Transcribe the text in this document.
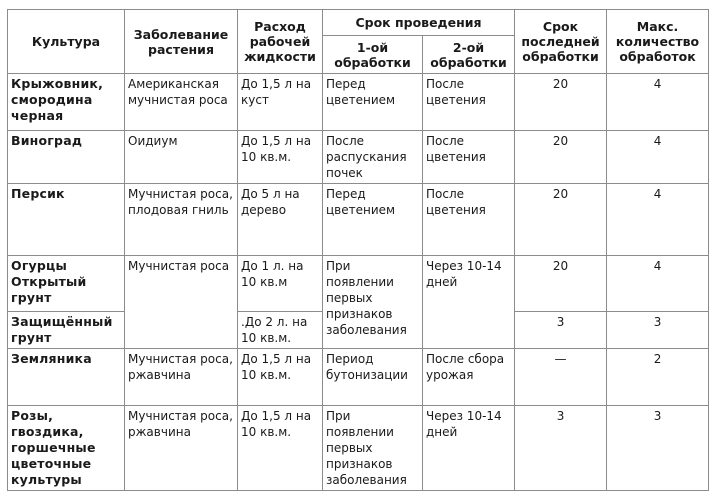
Культура	Заболевание растения	Расход рабочей жидкости	Срок проведения		Срок последней обработки	Макс. количество обработок
			1-ой обработки	2-ой обработки		
Крыжовник, смородина черная	Американская мучнистая роса	До 1,5 л на куст	Перед цветением	После цветения	20	4
Виноград	Оидиум	До 1,5 л на 10 кв.м.	После распускания почек	После цветения	20	4
Персик	Мучнистая роса, плодовая гниль	До 5 л на дерево	Перед цветением	После цветения	20	4
Огурцы Открытый грунт	Мучнистая роса	До 1 л. на 10 кв.м	При появлении первых признаков заболевания	Через 10-14 дней	20	4
Защищённый грунт		.До 2 л. на 10 кв.м.			3	3
Земляника	Мучнистая роса, ржавчина	До 1,5 л на 10 кв.м.	Период бутонизации	После сбора урожая	—	2
Розы, гвоздика, горшечные цветочные культуры	Мучнистая роса, ржавчина	До 1,5 л на 10 кв.м.	При появлении первых признаков заболевания	Через 10-14 дней	3	3
